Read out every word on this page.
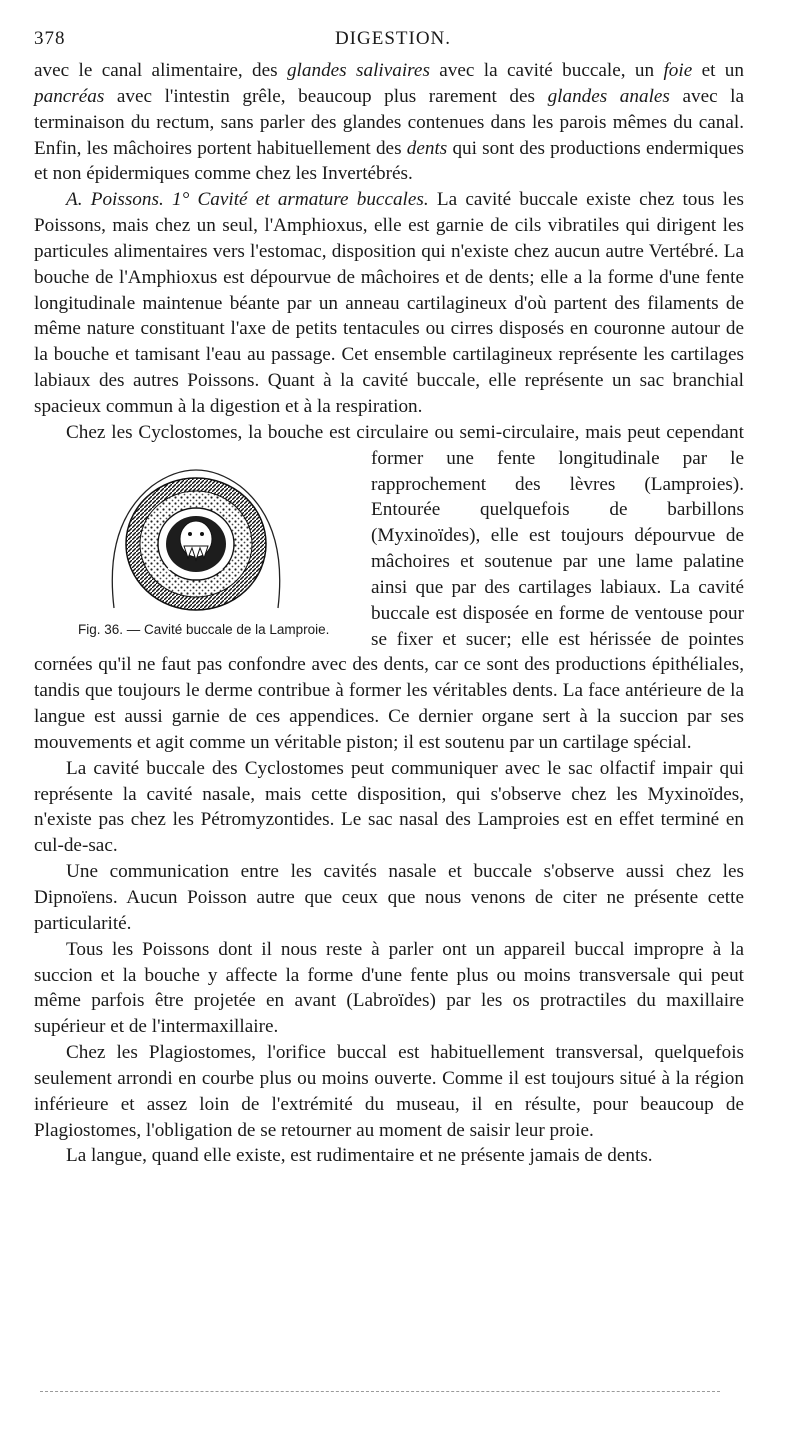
378	DIGESTION.

avec le canal alimentaire, des glandes salivaires avec la cavité buccale, un foie et un pancréas avec l'intestin grêle, beaucoup plus rarement des glandes anales avec la terminaison du rectum, sans parler des glandes contenues dans les parois mêmes du canal. Enfin, les mâchoires portent habituellement des dents qui sont des productions endermiques et non épidermiques comme chez les Invertébrés.

A. Poissons. 1° Cavité et armature buccales. La cavité buccale existe chez tous les Poissons, mais chez un seul, l'Amphioxus, elle est garnie de cils vibratiles qui dirigent les particules alimentaires vers l'estomac, disposition qui n'existe chez aucun autre Vertébré. La bouche de l'Amphioxus est dépourvue de mâchoires et de dents; elle a la forme d'une fente longitudinale maintenue béante par un anneau cartilagineux d'où partent des filaments de même nature constituant l'axe de petits tentacules ou cirres disposés en couronne autour de la bouche et tamisant l'eau au passage. Cet ensemble cartilagineux représente les cartilages labiaux des autres Poissons. Quant à la cavité buccale, elle représente un sac branchial spacieux commun à la digestion et à la respiration.

Chez les Cyclostomes, la bouche est circulaire ou semi-circulaire, mais peut
Fig. 36. — Cavité buccale de la Lamproie.
cependant former une fente longitudinale par le rapprochement des lèvres (Lamproies). Entourée quelquefois de barbillons (Myxinoïdes), elle est toujours dépourvue de mâchoires et soutenue par une lame palatine ainsi que par des cartilages labiaux. La cavité buccale est disposée en forme de ventouse pour se fixer et sucer; elle est hérissée de pointes cornées qu'il ne faut pas confondre avec des dents, car ce sont des productions épithéliales, tandis que toujours le derme contribue à former les véritables dents. La face antérieure de la langue est aussi garnie de ces appendices. Ce dernier organe sert à la succion par ses mouvements et agit comme un véritable piston; il est soutenu par un cartilage spécial.

La cavité buccale des Cyclostomes peut communiquer avec le sac olfactif impair qui représente la cavité nasale, mais cette disposition, qui s'observe chez les Myxinoïdes, n'existe pas chez les Pétromyzontides. Le sac nasal des Lamproies est en effet terminé en cul-de-sac.

Une communication entre les cavités nasale et buccale s'observe aussi chez les Dipnoïens. Aucun Poisson autre que ceux que nous venons de citer ne présente cette particularité.

Tous les Poissons dont il nous reste à parler ont un appareil buccal impropre à la succion et la bouche y affecte la forme d'une fente plus ou moins transversale qui peut même parfois être projetée en avant (Labroïdes) par les os protractiles du maxillaire supérieur et de l'intermaxillaire.

Chez les Plagiostomes, l'orifice buccal est habituellement transversal, quelquefois seulement arrondi en courbe plus ou moins ouverte. Comme il est toujours situé à la région inférieure et assez loin de l'extrémité du museau, il en résulte, pour beaucoup de Plagiostomes, l'obligation de se retourner au moment de saisir leur proie.

La langue, quand elle existe, est rudimentaire et ne présente jamais de dents.
